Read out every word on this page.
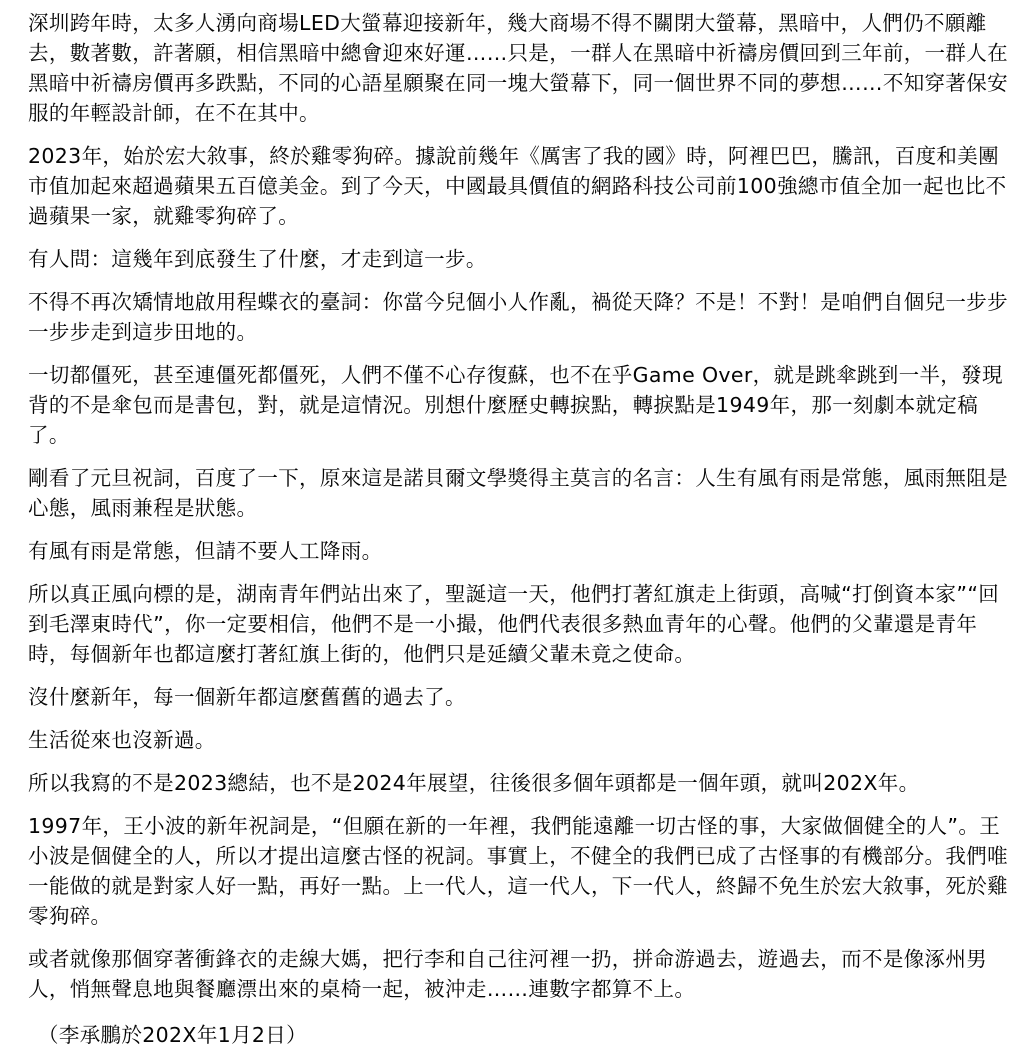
深圳跨年時，太多人湧向商場LED大螢幕迎接新年，幾大商場不得不關閉大螢幕，黑暗中，人們仍不願離去，數著數，許著願，相信黑暗中總會迎來好運……只是，一群人在黑暗中祈禱房價回到三年前，一群人在黑暗中祈禱房價再多跌點，不同的心語星願聚在同一塊大螢幕下，同一個世界不同的夢想……不知穿著保安服的年輕設計師，在不在其中。

2023年，始於宏大敘事，終於雞零狗碎。據說前幾年《厲害了我的國》時，阿裡巴巴，騰訊，百度和美團市值加起來超過蘋果五百億美金。到了今天，中國最具價值的網路科技公司前100強總市值全加一起也比不過蘋果一家，就雞零狗碎了。

有人問：這幾年到底發生了什麼，才走到這一步。

不得不再次矯情地啟用程蝶衣的臺詞：你當今兒個小人作亂，禍從天降？不是！不對！是咱們自個兒一步步一步步走到這步田地的。

一切都僵死，甚至連僵死都僵死，人們不僅不心存復蘇，也不在乎Game Over，就是跳傘跳到一半，發現背的不是傘包而是書包，對，就是這情況。別想什麼歷史轉捩點，轉捩點是1949年，那一刻劇本就定稿了。

剛看了元旦祝詞，百度了一下，原來這是諾貝爾文學獎得主莫言的名言：人生有風有雨是常態，風雨無阻是心態，風雨兼程是狀態。

有風有雨是常態，但請不要人工降雨。

所以真正風向標的是，湖南青年們站出來了，聖誕這一天，他們打著紅旗走上街頭，高喊“打倒資本家”“回到毛澤東時代”，你一定要相信，他們不是一小撮，他們代表很多熱血青年的心聲。他們的父輩還是青年時，每個新年也都這麼打著紅旗上街的，他們只是延續父輩未竟之使命。

沒什麼新年，每一個新年都這麼舊舊的過去了。

生活從來也沒新過。

所以我寫的不是2023總結，也不是2024年展望，往後很多個年頭都是一個年頭，就叫202X年。

1997年，王小波的新年祝詞是，“但願在新的一年裡，我們能遠離一切古怪的事，大家做個健全的人”。王小波是個健全的人，所以才提出這麼古怪的祝詞。事實上，不健全的我們已成了古怪事的有機部分。我們唯一能做的就是對家人好一點，再好一點。上一代人，這一代人，下一代人，終歸不免生於宏大敘事，死於雞零狗碎。

或者就像那個穿著衝鋒衣的走線大媽，把行李和自己往河裡一扔，拼命游過去，遊過去，而不是像涿州男人，悄無聲息地與餐廳漂出來的桌椅一起，被沖走……連數字都算不上。

（李承鵬於202X年1月2日）
